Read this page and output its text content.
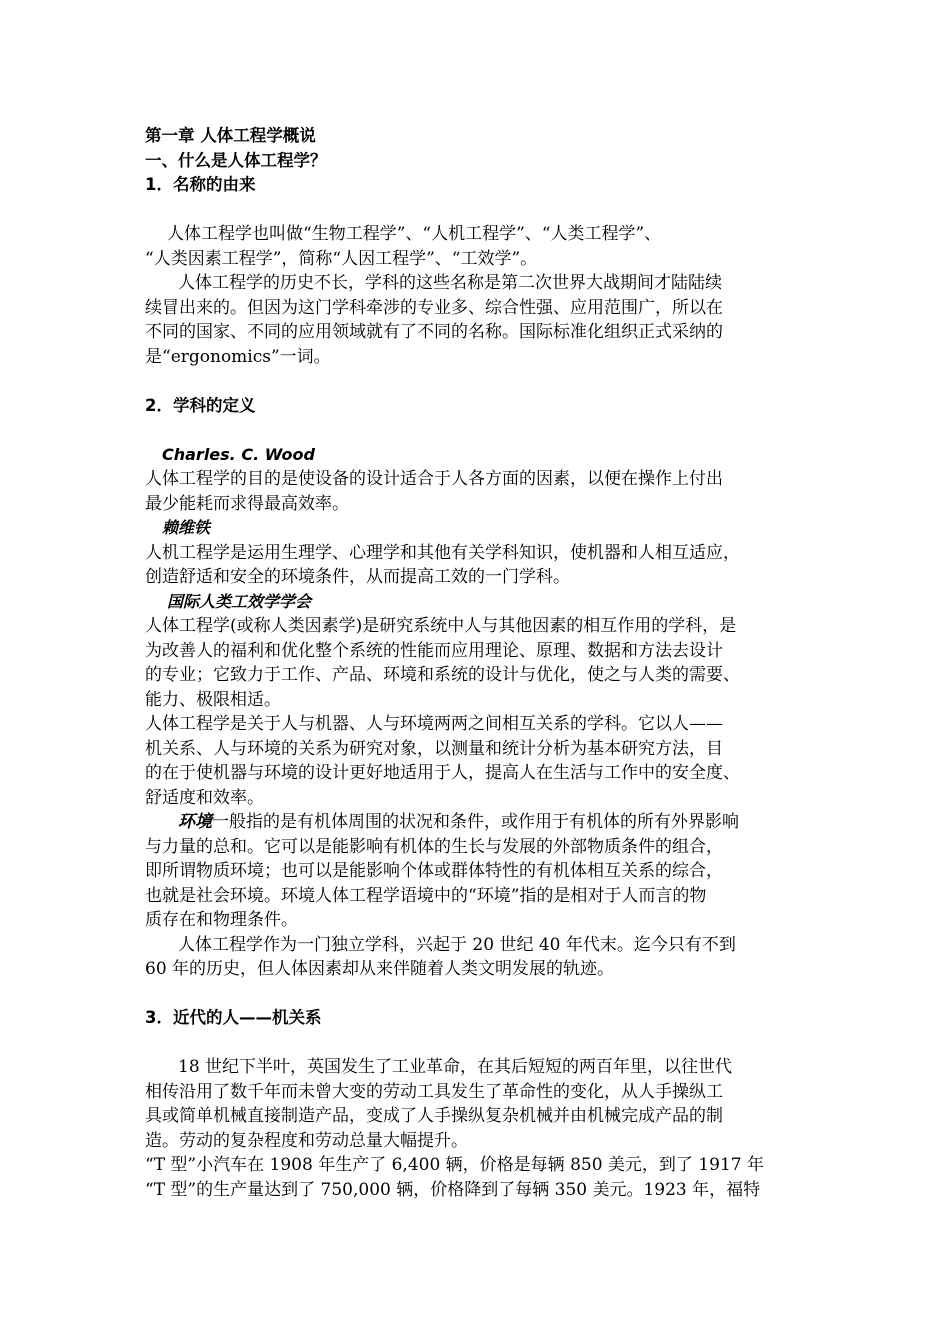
第一章 人体工程学概说
一、什么是人体工程学？
1．名称的由来
人体工程学也叫做“生物工程学”、“人机工程学”、“人类工程学”、
“人类因素工程学”，简称“人因工程学”、“工效学”。
人体工程学的历史不长，学科的这些名称是第二次世界大战期间才陆陆续
续冒出来的。但因为这门学科牵涉的专业多、综合性强、应用范围广，所以在
不同的国家、不同的应用领域就有了不同的名称。国际标准化组织正式采纳的
是“ergonomics”一词。
2．学科的定义
Charles. C. Wood
人体工程学的目的是使设备的设计适合于人各方面的因素，以便在操作上付出
最少能耗而求得最高效率。
赖维铁
人机工程学是运用生理学、心理学和其他有关学科知识，使机器和人相互适应，
创造舒适和安全的环境条件，从而提高工效的一门学科。
国际人类工效学学会
人体工程学(或称人类因素学)是研究系统中人与其他因素的相互作用的学科，是
为改善人的福利和优化整个系统的性能而应用理论、原理、数据和方法去设计
的专业；它致力于工作、产品、环境和系统的设计与优化，使之与人类的需要、
能力、极限相适。
人体工程学是关于人与机器、人与环境两两之间相互关系的学科。它以人——
机关系、人与环境的关系为研究对象，以测量和统计分析为基本研究方法，目
的在于使机器与环境的设计更好地适用于人，提高人在生活与工作中的安全度、
舒适度和效率。
环境一般指的是有机体周围的状况和条件，或作用于有机体的所有外界影响
与力量的总和。它可以是能影响有机体的生长与发展的外部物质条件的组合，
即所谓物质环境；也可以是能影响个体或群体特性的有机体相互关系的综合，
也就是社会环境。环境人体工程学语境中的“环境”指的是相对于人而言的物
质存在和物理条件。
人体工程学作为一门独立学科，兴起于 20 世纪 40 年代末。迄今只有不到
60 年的历史，但人体因素却从来伴随着人类文明发展的轨迹。
3．近代的人——机关系
18 世纪下半叶，英国发生了工业革命，在其后短短的两百年里，以往世代
相传沿用了数千年而未曾大变的劳动工具发生了革命性的变化，从人手操纵工
具或简单机械直接制造产品，变成了人手操纵复杂机械并由机械完成产品的制
造。劳动的复杂程度和劳动总量大幅提升。
“T 型”小汽车在 1908 年生产了 6,400 辆，价格是每辆 850 美元，到了 1917 年
“T 型”的生产量达到了 750,000 辆，价格降到了每辆 350 美元。1923 年，福特
